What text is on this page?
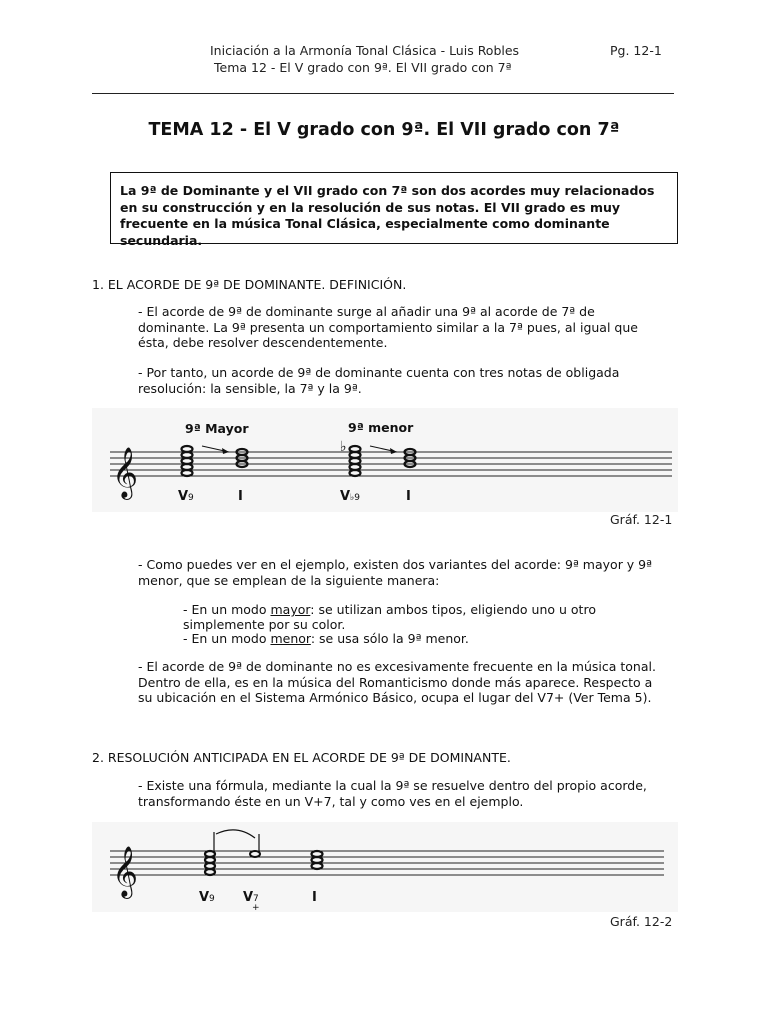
Iniciación a la Armonía Tonal Clásica - Luis Robles	Pg. 12-1
Tema 12 - El V grado con 9ª. El VII grado con 7ª
TEMA 12 - El V grado con 9ª. El VII grado con 7ª
La 9ª de Dominante y el VII grado con 7ª son dos acordes muy relacionados en su construcción y en la resolución de sus notas. El VII grado es muy frecuente en la música Tonal Clásica, especialmente como dominante secundaria.
1. EL ACORDE DE 9ª DE DOMINANTE. DEFINICIÓN.
- El acorde de 9ª de dominante surge al añadir una 9ª al acorde de 7ª de
dominante. La 9ª presenta un comportamiento similar a la 7ª pues, al igual que
ésta, debe resolver descendentemente.
- Por tanto, un acorde de 9ª de dominante cuenta con tres notas de obligada
resolución: la sensible, la 7ª y la 9ª.
𝄞	♭
9ª Mayor	9ª menor
V 9	I	V ♭9	I
Gráf. 12-1
- Como puedes ver en el ejemplo, existen dos variantes del acorde: 9ª mayor y 9ª
menor, que se emplean de la siguiente manera:
- En un modo mayor: se utilizan ambos tipos, eligiendo uno u otro
simplemente por su color.
- En un modo menor: se usa sólo la 9ª menor.
- El acorde de 9ª de dominante no es excesivamente frecuente en la música tonal.
Dentro de ella, es en la música del Romanticismo donde más aparece. Respecto a
su ubicación en el Sistema Armónico Básico, ocupa el lugar del V7+ (Ver Tema 5).
2. RESOLUCIÓN ANTICIPADA EN EL ACORDE DE 9ª DE DOMINANTE.
- Existe una fórmula, mediante la cual la 9ª se resuelve dentro del propio acorde,
transformando éste en un V+7, tal y como ves en el ejemplo.
𝄞
V 9 V 7
+
I
Gráf. 12-2
